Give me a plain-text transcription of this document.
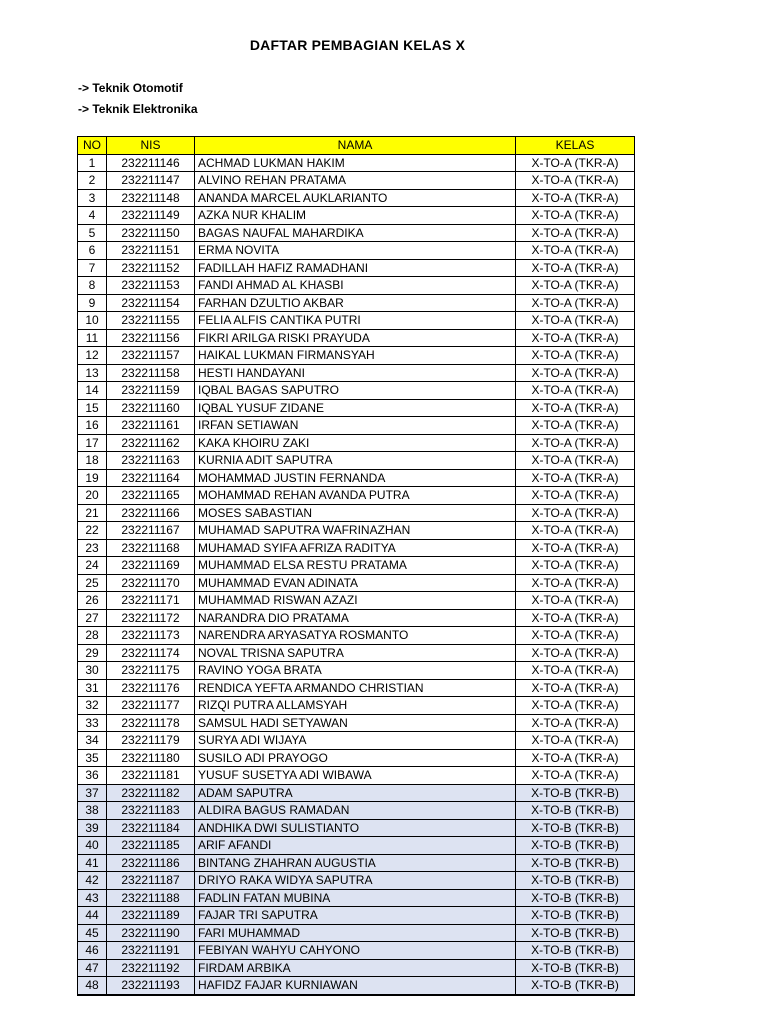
DAFTAR PEMBAGIAN KELAS X
-> Teknik Otomotif
-> Teknik Elektronika
NO	NIS	NAMA	KELAS
1	232211146	ACHMAD LUKMAN HAKIM	X-TO-A (TKR-A)
2	232211147	ALVINO REHAN PRATAMA	X-TO-A (TKR-A)
3	232211148	ANANDA MARCEL AUKLARIANTO	X-TO-A (TKR-A)
4	232211149	AZKA NUR KHALIM	X-TO-A (TKR-A)
5	232211150	BAGAS NAUFAL MAHARDIKA	X-TO-A (TKR-A)
6	232211151	ERMA NOVITA	X-TO-A (TKR-A)
7	232211152	FADILLAH HAFIZ RAMADHANI	X-TO-A (TKR-A)
8	232211153	FANDI AHMAD AL KHASBI	X-TO-A (TKR-A)
9	232211154	FARHAN DZULTIO AKBAR	X-TO-A (TKR-A)
10	232211155	FELIA ALFIS CANTIKA PUTRI	X-TO-A (TKR-A)
11	232211156	FIKRI ARILGA RISKI PRAYUDA	X-TO-A (TKR-A)
12	232211157	HAIKAL LUKMAN FIRMANSYAH	X-TO-A (TKR-A)
13	232211158	HESTI HANDAYANI	X-TO-A (TKR-A)
14	232211159	IQBAL BAGAS SAPUTRO	X-TO-A (TKR-A)
15	232211160	IQBAL YUSUF ZIDANE	X-TO-A (TKR-A)
16	232211161	IRFAN SETIAWAN	X-TO-A (TKR-A)
17	232211162	KAKA KHOIRU ZAKI	X-TO-A (TKR-A)
18	232211163	KURNIA ADIT SAPUTRA	X-TO-A (TKR-A)
19	232211164	MOHAMMAD JUSTIN FERNANDA	X-TO-A (TKR-A)
20	232211165	MOHAMMAD REHAN AVANDA PUTRA	X-TO-A (TKR-A)
21	232211166	MOSES SABASTIAN	X-TO-A (TKR-A)
22	232211167	MUHAMAD SAPUTRA WAFRINAZHAN	X-TO-A (TKR-A)
23	232211168	MUHAMAD SYIFA AFRIZA RADITYA	X-TO-A (TKR-A)
24	232211169	MUHAMMAD ELSA RESTU PRATAMA	X-TO-A (TKR-A)
25	232211170	MUHAMMAD EVAN ADINATA	X-TO-A (TKR-A)
26	232211171	MUHAMMAD RISWAN AZAZI	X-TO-A (TKR-A)
27	232211172	NARANDRA DIO PRATAMA	X-TO-A (TKR-A)
28	232211173	NARENDRA ARYASATYA ROSMANTO	X-TO-A (TKR-A)
29	232211174	NOVAL TRISNA SAPUTRA	X-TO-A (TKR-A)
30	232211175	RAVINO YOGA BRATA	X-TO-A (TKR-A)
31	232211176	RENDICA YEFTA ARMANDO CHRISTIAN	X-TO-A (TKR-A)
32	232211177	RIZQI PUTRA ALLAMSYAH	X-TO-A (TKR-A)
33	232211178	SAMSUL HADI SETYAWAN	X-TO-A (TKR-A)
34	232211179	SURYA ADI WIJAYA	X-TO-A (TKR-A)
35	232211180	SUSILO ADI PRAYOGO	X-TO-A (TKR-A)
36	232211181	YUSUF SUSETYA ADI WIBAWA	X-TO-A (TKR-A)
37	232211182	ADAM SAPUTRA	X-TO-B (TKR-B)
38	232211183	ALDIRA BAGUS RAMADAN	X-TO-B (TKR-B)
39	232211184	ANDHIKA DWI SULISTIANTO	X-TO-B (TKR-B)
40	232211185	ARIF AFANDI	X-TO-B (TKR-B)
41	232211186	BINTANG ZHAHRAN AUGUSTIA	X-TO-B (TKR-B)
42	232211187	DRIYO RAKA WIDYA SAPUTRA	X-TO-B (TKR-B)
43	232211188	FADLIN FATAN MUBINA	X-TO-B (TKR-B)
44	232211189	FAJAR TRI SAPUTRA	X-TO-B (TKR-B)
45	232211190	FARI MUHAMMAD	X-TO-B (TKR-B)
46	232211191	FEBIYAN WAHYU CAHYONO	X-TO-B (TKR-B)
47	232211192	FIRDAM ARBIKA	X-TO-B (TKR-B)
48	232211193	HAFIDZ FAJAR KURNIAWAN	X-TO-B (TKR-B)
